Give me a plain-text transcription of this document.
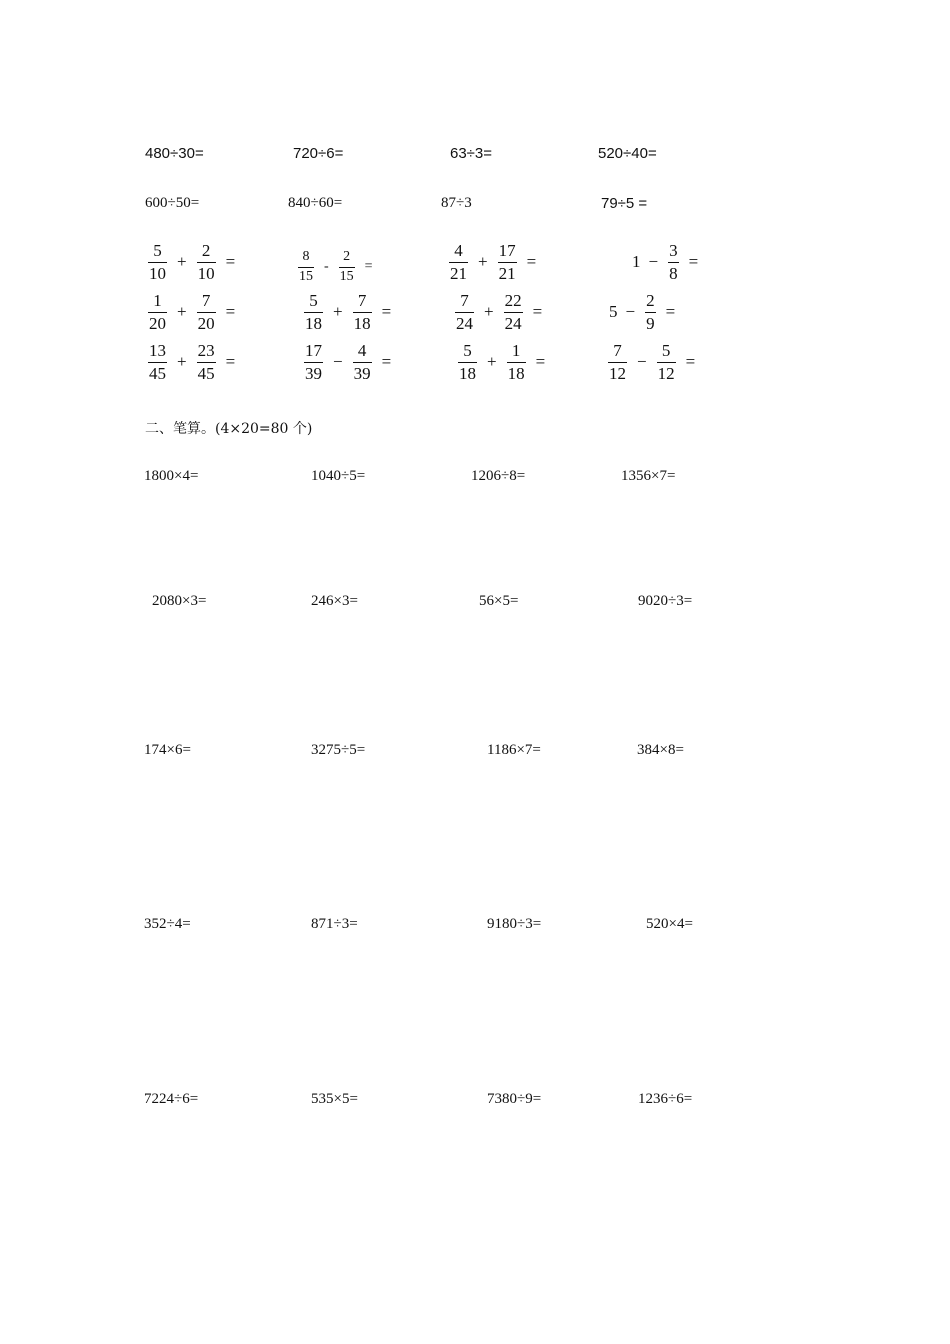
480÷30=	720÷6=	63÷3=	520÷40=
600÷50=	840÷60=	87÷3	79÷5 =
$\frac{5}{10} + \frac{2}{10}$ =	$\frac{8}{15} - \frac{2}{15}$ =	$\frac{4}{21} + \frac{17}{21}$ =	$1 - \frac{3}{8}$ =
$\frac{1}{20} + \frac{7}{20}$ =	$\frac{5}{18} + \frac{7}{18}$ =	$\frac{7}{24} + \frac{22}{24}$ =	$5 - \frac{2}{9}$ =
$\frac{13}{45} + \frac{23}{45}$ =	$\frac{17}{39} - \frac{4}{39}$ =	$\frac{5}{18} + \frac{1}{18}$ =	$\frac{7}{12} - \frac{5}{12}$ =
二、笔算。(4×20=80 个)
1800×4=	1040÷5=	1206÷8=	1356×7=
2080×3=	246×3=	56×5=	9020÷3=
174×6=	3275÷5=	1186×7=	384×8=
352÷4=	871÷3=	9180÷3=	520×4=
7224÷6=	535×5=	7380÷9=	1236÷6=
